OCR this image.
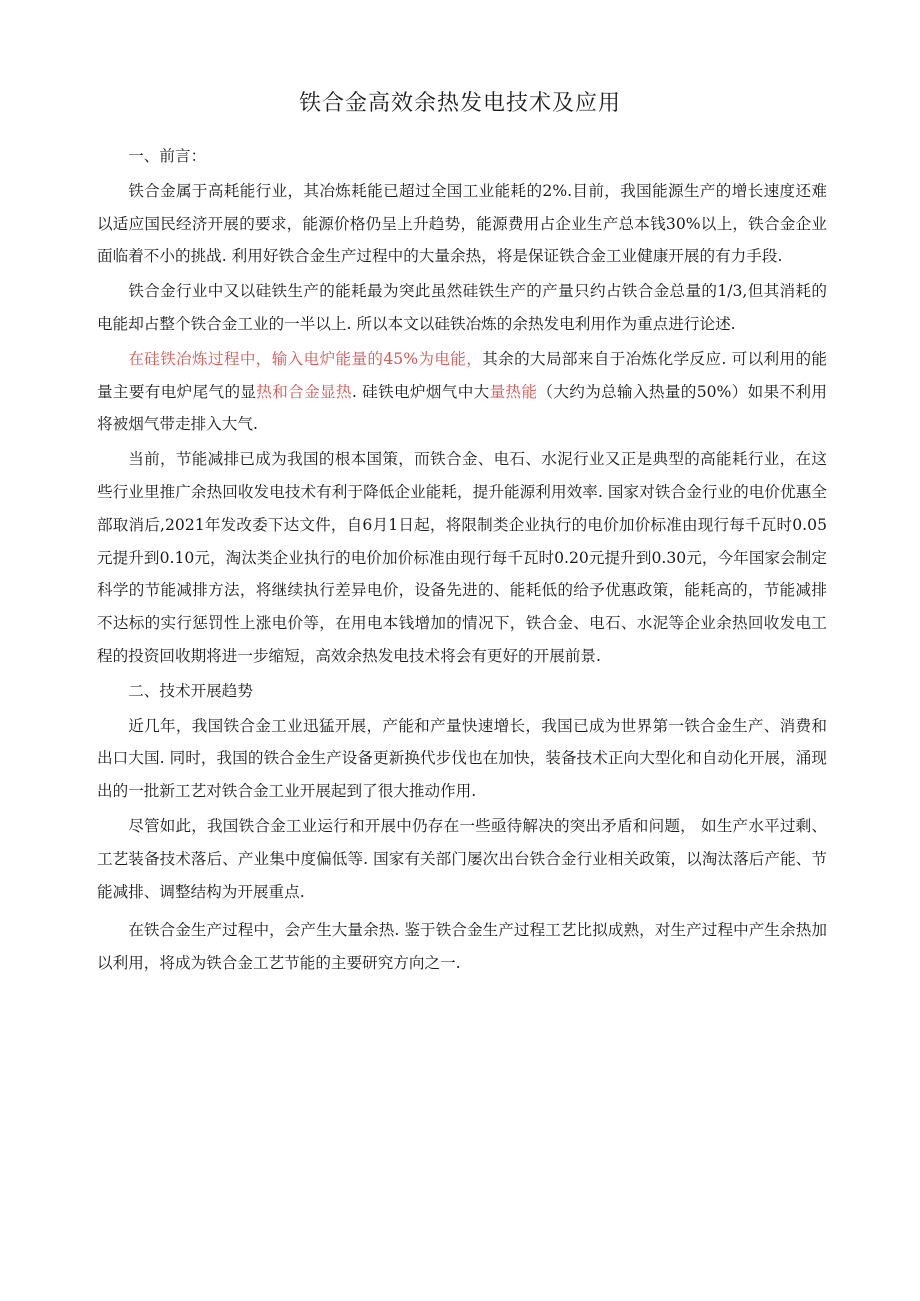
铁合金高效余热发电技术及应用

一、前言：

铁合金属于高耗能行业，其冶炼耗能已超过全国工业能耗的2%.目前，我国能源生产的增长速度还难以适应国民经济开展的要求，能源价格仍呈上升趋势，能源费用占企业生产总本钱30%以上，铁合金企业面临着不小的挑战. 利用好铁合金生产过程中的大量余热，将是保证铁合金工业健康开展的有力手段.

铁合金行业中又以硅铁生产的能耗最为突此虽然硅铁生产的产量只约占铁合金总量的1/3,但其消耗的电能却占整个铁合金工业的一半以上. 所以本文以硅铁冶炼的余热发电利用作为重点进行论述.

在硅铁冶炼过程中，输入电炉能量的45%为电能，其余的大局部来自于冶炼化学反应. 可以利用的能量主要有电炉尾气的显热和合金显热. 硅铁电炉烟气中大量热能（大约为总输入热量的50%）如果不利用将被烟气带走排入大气.

当前，节能减排已成为我国的根本国策，而铁合金、电石、水泥行业又正是典型的高能耗行业，在这些行业里推广余热回收发电技术有利于降低企业能耗，提升能源利用效率. 国家对铁合金行业的电价优惠全部取消后,2021年发改委下达文件，自6月1日起，将限制类企业执行的电价加价标准由现行每千瓦时0.05元提升到0.10元，淘汰类企业执行的电价加价标准由现行每千瓦时0.20元提升到0.30元，今年国家会制定科学的节能减排方法，将继续执行差异电价，设备先进的、能耗低的给予优惠政策，能耗高的，节能减排不达标的实行惩罚性上涨电价等，在用电本钱增加的情况下，铁合金、电石、水泥等企业余热回收发电工程的投资回收期将进一步缩短，高效余热发电技术将会有更好的开展前景.

二、技术开展趋势

近几年，我国铁合金工业迅猛开展，产能和产量快速增长，我国已成为世界第一铁合金生产、消费和出口大国. 同时，我国的铁合金生产设备更新换代步伐也在加快，装备技术正向大型化和自动化开展，涌现出的一批新工艺对铁合金工业开展起到了很大推动作用.

尽管如此，我国铁合金工业运行和开展中仍存在一些亟待解决的突出矛盾和问题， 如生产水平过剩、工艺装备技术落后、产业集中度偏低等. 国家有关部门屡次出台铁合金行业相关政策，以淘汰落后产能、节能减排、调整结构为开展重点.

在铁合金生产过程中，会产生大量余热. 鉴于铁合金生产过程工艺比拟成熟，对生产过程中产生余热加以利用，将成为铁合金工艺节能的主要研究方向之一.
